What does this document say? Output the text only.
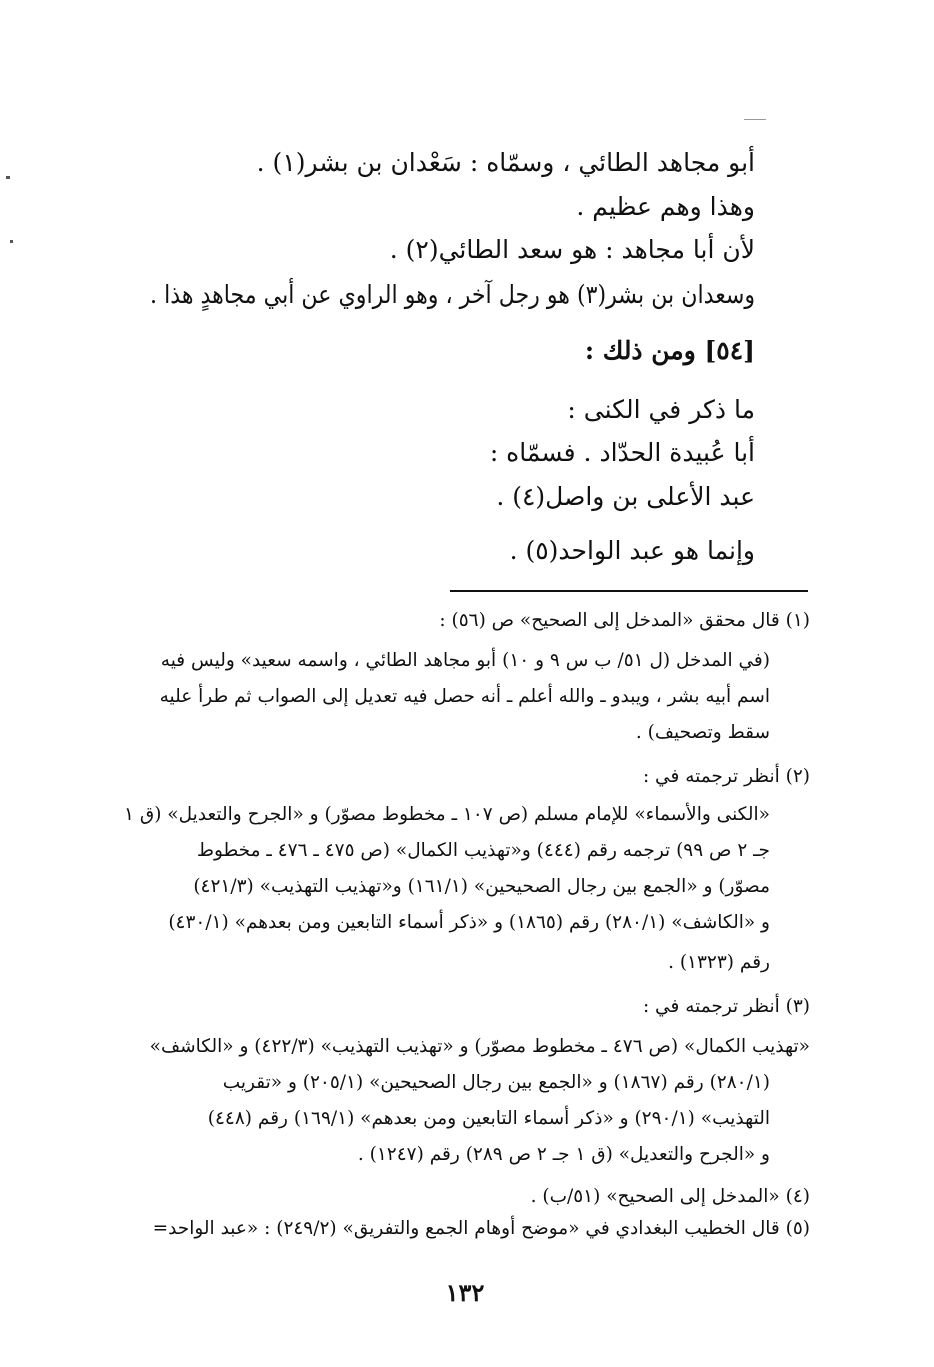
أبو مجاهد الطائي ، وسمّاه : سَعْدان بن بشر(١) .
وهذا وهم عظيم .
لأن أبا مجاهد : هو سعد الطائي(٢) .
وسعدان بن بشر(٣) هو رجل آخر ، وهو الراوي عن أبي مجاهدٍ هذا .
[٥٤] ومن ذلك :
ما ذكر في الكنى :
أبا عُبيدة الحدّاد . فسمّاه :
عبد الأعلى بن واصل(٤) .
وإنما هو عبد الواحد(٥) .
(١) قال محقق «المدخل إلى الصحيح» ص (٥٦) :
(في المدخل (ل ٥١/ ب س ٩ و ١٠) أبو مجاهد الطائي ، واسمه سعيد» وليس فيه
اسم أبيه بشر ، ويبدو ـ والله أعلم ـ أنه حصل فيه تعديل إلى الصواب ثم طرأ عليه
سقط وتصحيف) .
(٢) أنظر ترجمته في :
«الكنى والأسماء» للإمام مسلم (ص ١٠٧ ـ مخطوط مصوّر) و «الجرح والتعديل» (ق ١
جـ ٢ ص ٩٩) ترجمه رقم (٤٤٤) و«تهذيب الكمال» (ص ٤٧٥ ـ ٤٧٦ ـ مخطوط
مصوّر) و «الجمع بين رجال الصحيحين» (١٦١/١) و«تهذيب التهذيب» (٤٢١/٣)
و «الكاشف» (٢٨٠/١) رقم (١٨٦٥) و «ذكر أسماء التابعين ومن بعدهم» (٤٣٠/١)
رقم (١٣٢٣) .
(٣) أنظر ترجمته في :
«تهذيب الكمال» (ص ٤٧٦ ـ مخطوط مصوّر) و «تهذيب التهذيب» (٤٢٢/٣) و «الكاشف»
(٢٨٠/١) رقم (١٨٦٧) و «الجمع بين رجال الصحيحين» (٢٠٥/١) و «تقريب
التهذيب» (٢٩٠/١) و «ذكر أسماء التابعين ومن بعدهم» (١٦٩/١) رقم (٤٤٨)
و «الجرح والتعديل» (ق ١ جـ ٢ ص ٢٨٩) رقم (١٢٤٧) .
(٤) «المدخل إلى الصحيح» (٥١/ب) .
(٥) قال الخطيب البغدادي في «موضح أوهام الجمع والتفريق» (٢٤٩/٢) : «عبد الواحد=
١٣٢
